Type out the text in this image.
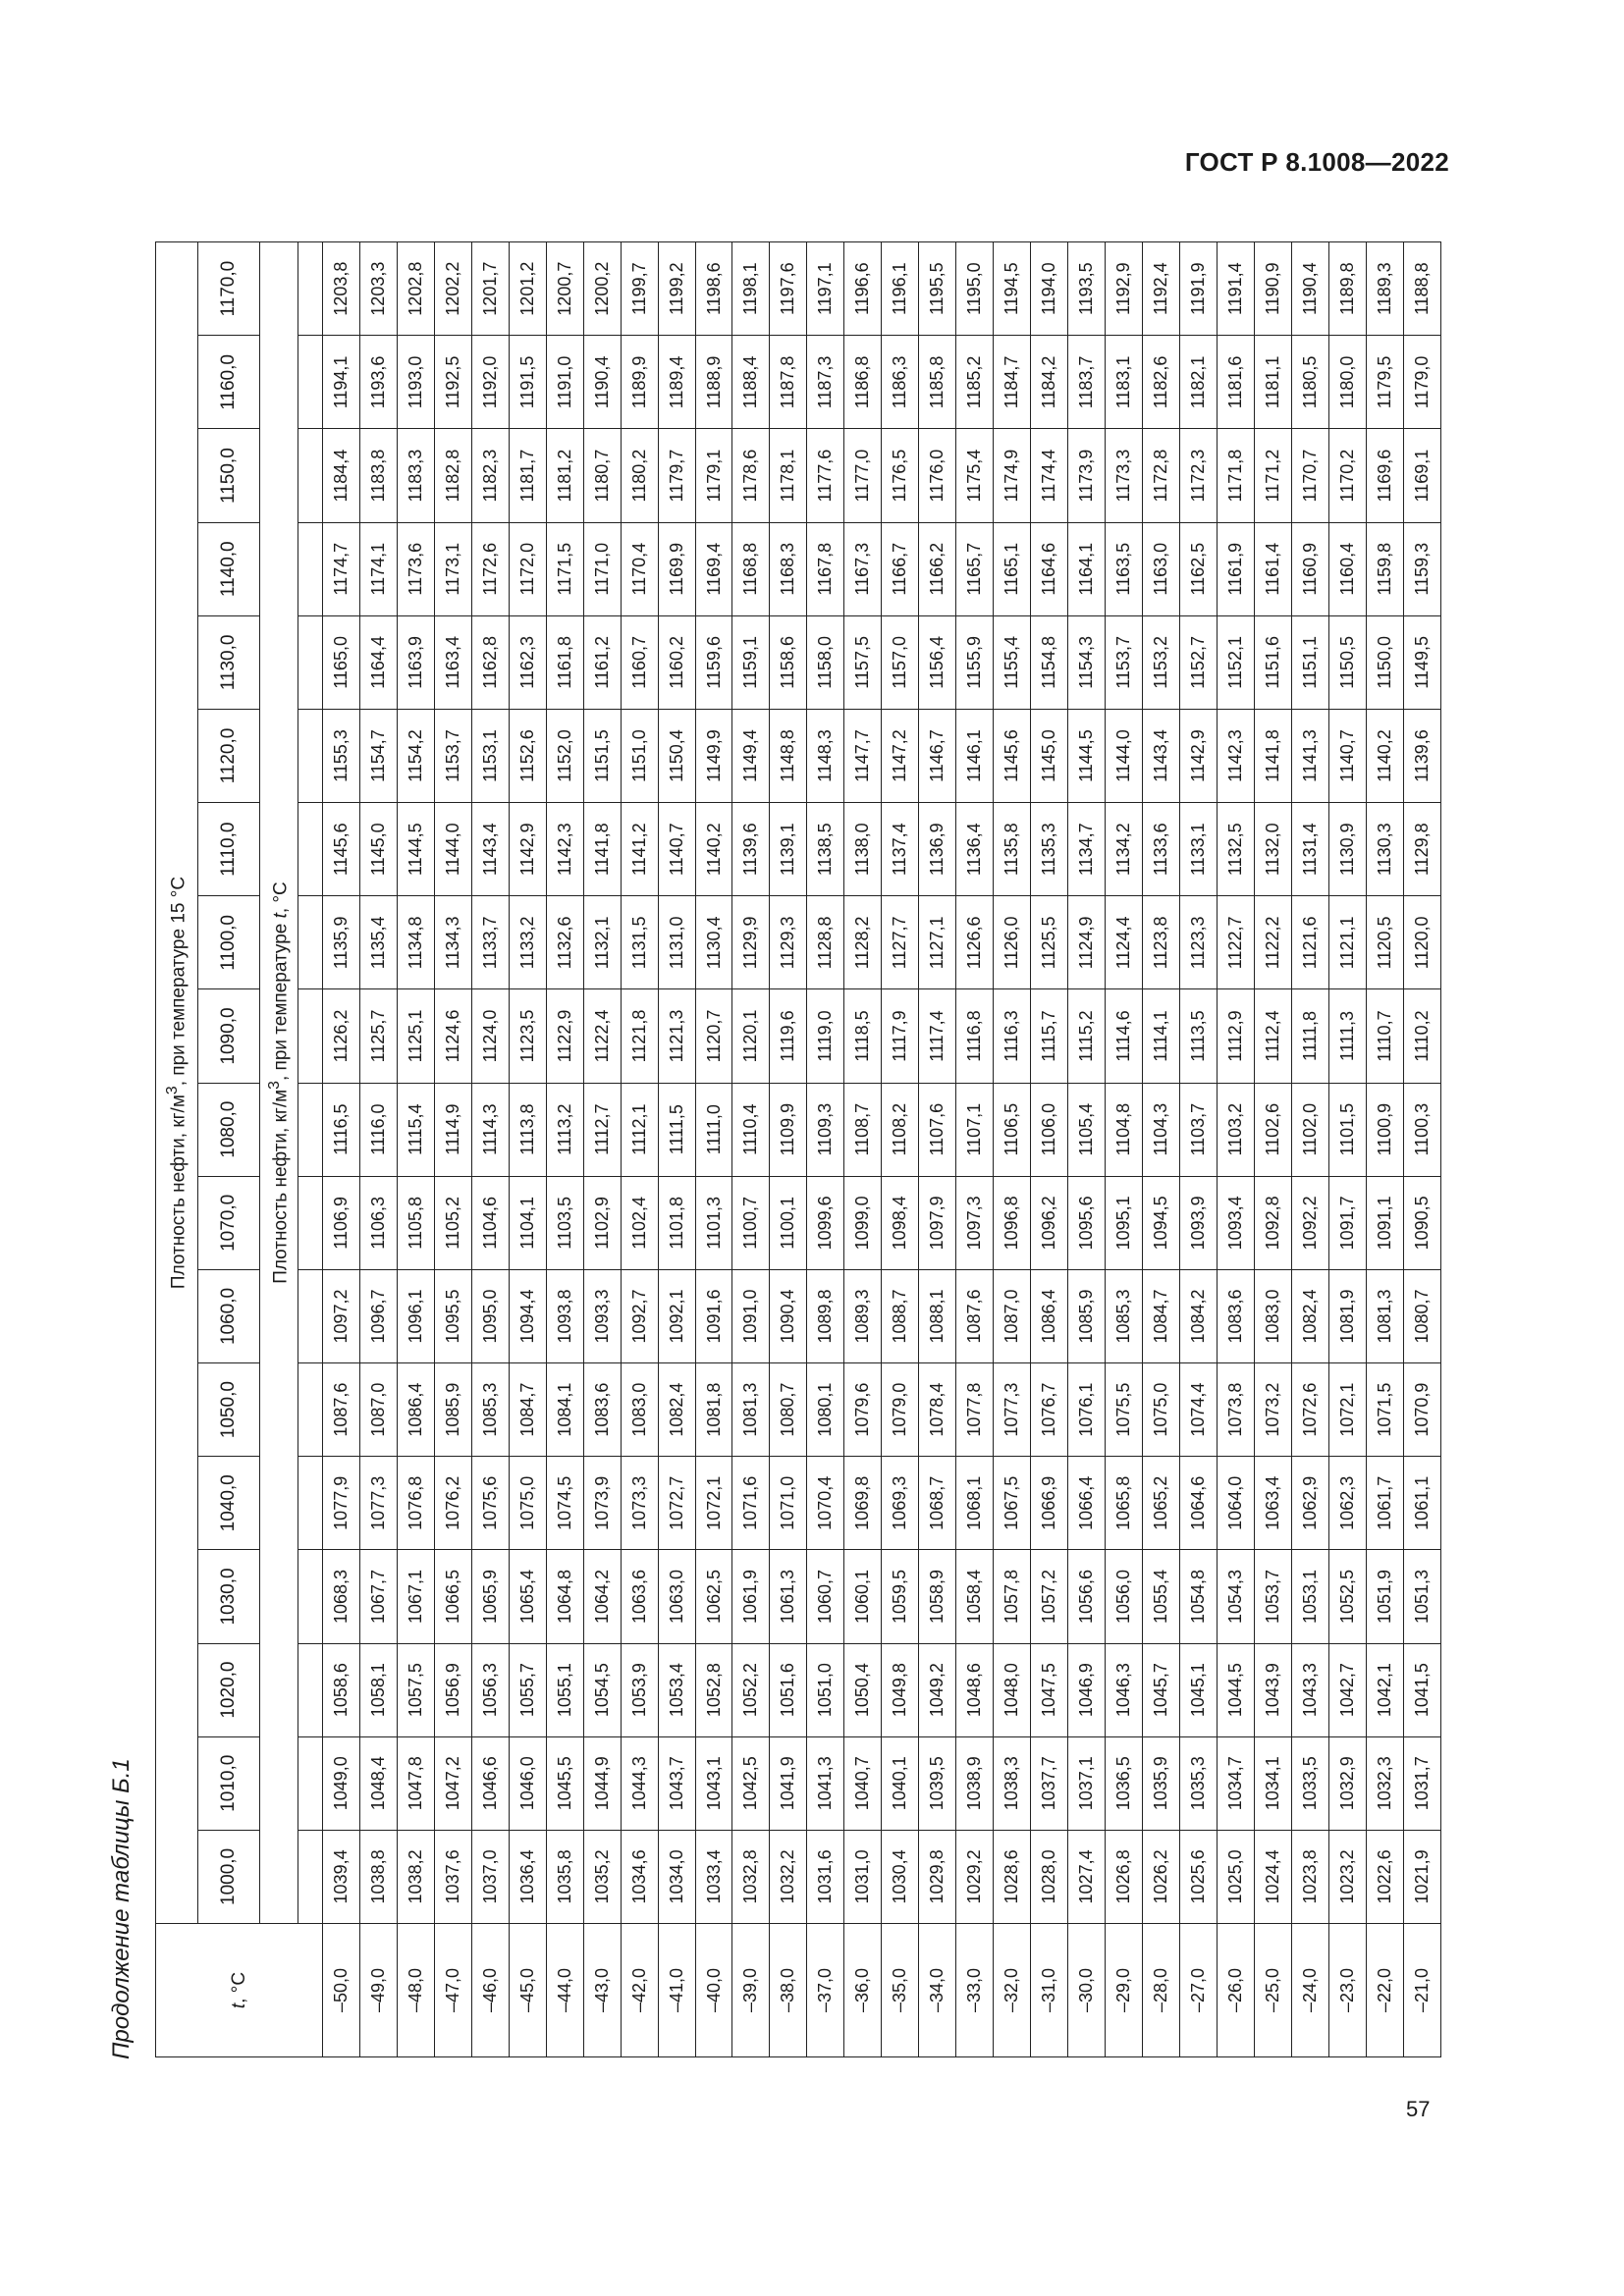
ГОСТ Р 8.1008—2022
Продолжение таблицы Б.1	t, °C	Плотность нефти, $кг/м^3$, при температуре 15 °С																	
	1000,0	1010,0	1020,0	1030,0	1040,0	1050,0	1060,0	1070,0	1080,0	1090,0	1100,0	1110,0	1120,0	1130,0	1140,0	1150,0	1160,0	1170,0
	Плотность нефти, $кг/м^3$, при температуре t, °С																	

–50,0	1039,4	1049,0	1058,6	1068,3	1077,9	1087,6	1097,2	1106,9	1116,5	1126,2	1135,9	1145,6	1155,3	1165,0	1174,7	1184,4	1194,1	1203,8
–49,0	1038,8	1048,4	1058,1	1067,7	1077,3	1087,0	1096,7	1106,3	1116,0	1125,7	1135,4	1145,0	1154,7	1164,4	1174,1	1183,8	1193,6	1203,3
–48,0	1038,2	1047,8	1057,5	1067,1	1076,8	1086,4	1096,1	1105,8	1115,4	1125,1	1134,8	1144,5	1154,2	1163,9	1173,6	1183,3	1193,0	1202,8
–47,0	1037,6	1047,2	1056,9	1066,5	1076,2	1085,9	1095,5	1105,2	1114,9	1124,6	1134,3	1144,0	1153,7	1163,4	1173,1	1182,8	1192,5	1202,2
–46,0	1037,0	1046,6	1056,3	1065,9	1075,6	1085,3	1095,0	1104,6	1114,3	1124,0	1133,7	1143,4	1153,1	1162,8	1172,6	1182,3	1192,0	1201,7
–45,0	1036,4	1046,0	1055,7	1065,4	1075,0	1084,7	1094,4	1104,1	1113,8	1123,5	1133,2	1142,9	1152,6	1162,3	1172,0	1181,7	1191,5	1201,2
–44,0	1035,8	1045,5	1055,1	1064,8	1074,5	1084,1	1093,8	1103,5	1113,2	1122,9	1132,6	1142,3	1152,0	1161,8	1171,5	1181,2	1191,0	1200,7
–43,0	1035,2	1044,9	1054,5	1064,2	1073,9	1083,6	1093,3	1102,9	1112,7	1122,4	1132,1	1141,8	1151,5	1161,2	1171,0	1180,7	1190,4	1200,2
–42,0	1034,6	1044,3	1053,9	1063,6	1073,3	1083,0	1092,7	1102,4	1112,1	1121,8	1131,5	1141,2	1151,0	1160,7	1170,4	1180,2	1189,9	1199,7
–41,0	1034,0	1043,7	1053,4	1063,0	1072,7	1082,4	1092,1	1101,8	1111,5	1121,3	1131,0	1140,7	1150,4	1160,2	1169,9	1179,7	1189,4	1199,2
–40,0	1033,4	1043,1	1052,8	1062,5	1072,1	1081,8	1091,6	1101,3	1111,0	1120,7	1130,4	1140,2	1149,9	1159,6	1169,4	1179,1	1188,9	1198,6
–39,0	1032,8	1042,5	1052,2	1061,9	1071,6	1081,3	1091,0	1100,7	1110,4	1120,1	1129,9	1139,6	1149,4	1159,1	1168,8	1178,6	1188,4	1198,1
–38,0	1032,2	1041,9	1051,6	1061,3	1071,0	1080,7	1090,4	1100,1	1109,9	1119,6	1129,3	1139,1	1148,8	1158,6	1168,3	1178,1	1187,8	1197,6
–37,0	1031,6	1041,3	1051,0	1060,7	1070,4	1080,1	1089,8	1099,6	1109,3	1119,0	1128,8	1138,5	1148,3	1158,0	1167,8	1177,6	1187,3	1197,1
–36,0	1031,0	1040,7	1050,4	1060,1	1069,8	1079,6	1089,3	1099,0	1108,7	1118,5	1128,2	1138,0	1147,7	1157,5	1167,3	1177,0	1186,8	1196,6
–35,0	1030,4	1040,1	1049,8	1059,5	1069,3	1079,0	1088,7	1098,4	1108,2	1117,9	1127,7	1137,4	1147,2	1157,0	1166,7	1176,5	1186,3	1196,1
–34,0	1029,8	1039,5	1049,2	1058,9	1068,7	1078,4	1088,1	1097,9	1107,6	1117,4	1127,1	1136,9	1146,7	1156,4	1166,2	1176,0	1185,8	1195,5
–33,0	1029,2	1038,9	1048,6	1058,4	1068,1	1077,8	1087,6	1097,3	1107,1	1116,8	1126,6	1136,4	1146,1	1155,9	1165,7	1175,4	1185,2	1195,0
–32,0	1028,6	1038,3	1048,0	1057,8	1067,5	1077,3	1087,0	1096,8	1106,5	1116,3	1126,0	1135,8	1145,6	1155,4	1165,1	1174,9	1184,7	1194,5
–31,0	1028,0	1037,7	1047,5	1057,2	1066,9	1076,7	1086,4	1096,2	1106,0	1115,7	1125,5	1135,3	1145,0	1154,8	1164,6	1174,4	1184,2	1194,0
–30,0	1027,4	1037,1	1046,9	1056,6	1066,4	1076,1	1085,9	1095,6	1105,4	1115,2	1124,9	1134,7	1144,5	1154,3	1164,1	1173,9	1183,7	1193,5
–29,0	1026,8	1036,5	1046,3	1056,0	1065,8	1075,5	1085,3	1095,1	1104,8	1114,6	1124,4	1134,2	1144,0	1153,7	1163,5	1173,3	1183,1	1192,9
–28,0	1026,2	1035,9	1045,7	1055,4	1065,2	1075,0	1084,7	1094,5	1104,3	1114,1	1123,8	1133,6	1143,4	1153,2	1163,0	1172,8	1182,6	1192,4
–27,0	1025,6	1035,3	1045,1	1054,8	1064,6	1074,4	1084,2	1093,9	1103,7	1113,5	1123,3	1133,1	1142,9	1152,7	1162,5	1172,3	1182,1	1191,9
–26,0	1025,0	1034,7	1044,5	1054,3	1064,0	1073,8	1083,6	1093,4	1103,2	1112,9	1122,7	1132,5	1142,3	1152,1	1161,9	1171,8	1181,6	1191,4
–25,0	1024,4	1034,1	1043,9	1053,7	1063,4	1073,2	1083,0	1092,8	1102,6	1112,4	1122,2	1132,0	1141,8	1151,6	1161,4	1171,2	1181,1	1190,9
–24,0	1023,8	1033,5	1043,3	1053,1	1062,9	1072,6	1082,4	1092,2	1102,0	1111,8	1121,6	1131,4	1141,3	1151,1	1160,9	1170,7	1180,5	1190,4
–23,0	1023,2	1032,9	1042,7	1052,5	1062,3	1072,1	1081,9	1091,7	1101,5	1111,3	1121,1	1130,9	1140,7	1150,5	1160,4	1170,2	1180,0	1189,8
–22,0	1022,6	1032,3	1042,1	1051,9	1061,7	1071,5	1081,3	1091,1	1100,9	1110,7	1120,5	1130,3	1140,2	1150,0	1159,8	1169,6	1179,5	1189,3
–21,0	1021,9	1031,7	1041,5	1051,3	1061,1	1070,9	1080,7	1090,5	1100,3	1110,2	1120,0	1129,8	1139,6	1149,5	1159,3	1169,1	1179,0	1188,8
57
